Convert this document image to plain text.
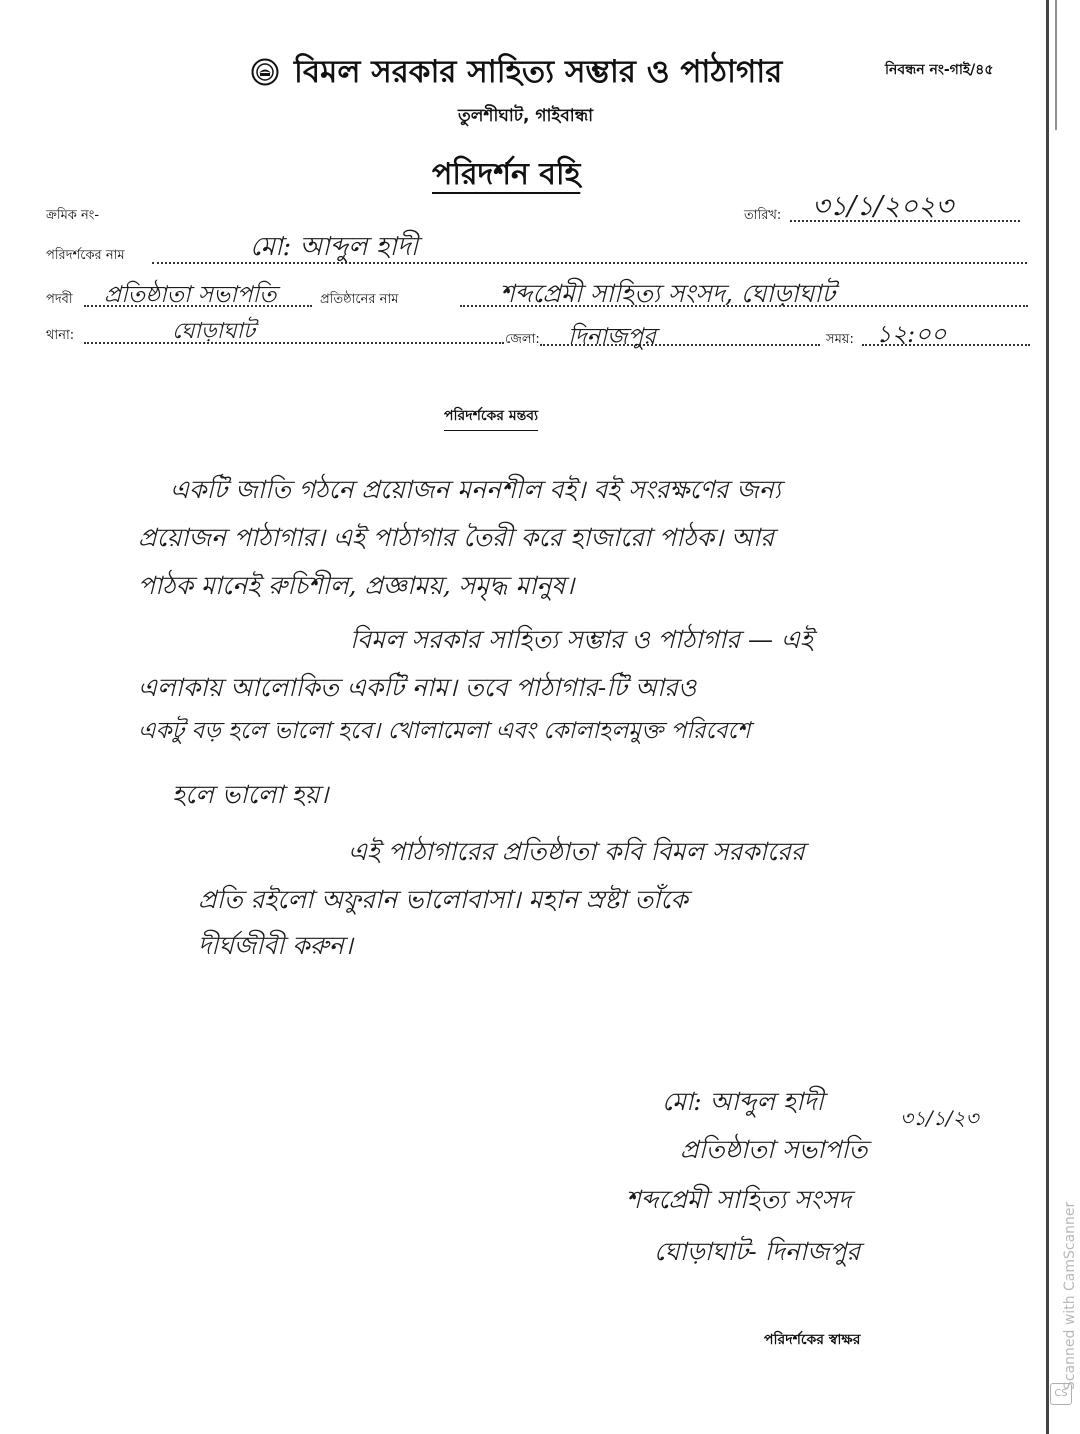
বিমল সরকার সাহিত্য সম্ভার ও পাঠাগার	নিবন্ধন নং-গাই/৪৫
তুলশীঘাট, গাইবান্ধা
পরিদর্শন বহি
ক্রমিক নং-	তারিখ: ৩১/১/২০২৩
পরিদর্শকের নাম	মো: আব্দুল হাদী
পদবী প্রতিষ্ঠাতা সভাপতি	প্রতিষ্ঠানের নাম	শব্দপ্রেমী সাহিত্য সংসদ, ঘোড়াঘাট
থানা:	ঘোড়াঘাট	জেলা: দিনাজপুর	সময়: ১২:০০
পরিদর্শকের মন্তব্য
একটি জাতি গঠনে প্রয়োজন মননশীল বই। বই সংরক্ষণের জন্য
প্রয়োজন পাঠাগার। এই পাঠাগার তৈরী করে হাজারো পাঠক। আর
পাঠক মানেই রুচিশীল, প্রজ্ঞাময়, সমৃদ্ধ মানুষ।
বিমল সরকার সাহিত্য সম্ভার ও পাঠাগার — এই
এলাকায় আলোকিত একটি নাম। তবে পাঠাগার-টি আরও
একটু বড় হলে ভালো হবে। খোলামেলা এবং কোলাহলমুক্ত পরিবেশে
হলে ভালো হয়।
এই পাঠাগারের প্রতিষ্ঠাতা কবি বিমল সরকারের
প্রতি রইলো অফুরান ভালোবাসা। মহান স্রষ্টা তাঁকে
দীর্ঘজীবী করুন।
মো: আব্দুল হাদী
৩১/১/২৩
প্রতিষ্ঠাতা সভাপতি
শব্দপ্রেমী সাহিত্য সংসদ
ঘোড়াঘাট- দিনাজপুর
পরিদর্শকের স্বাক্ষর	Scanned with CamScanner
CS
